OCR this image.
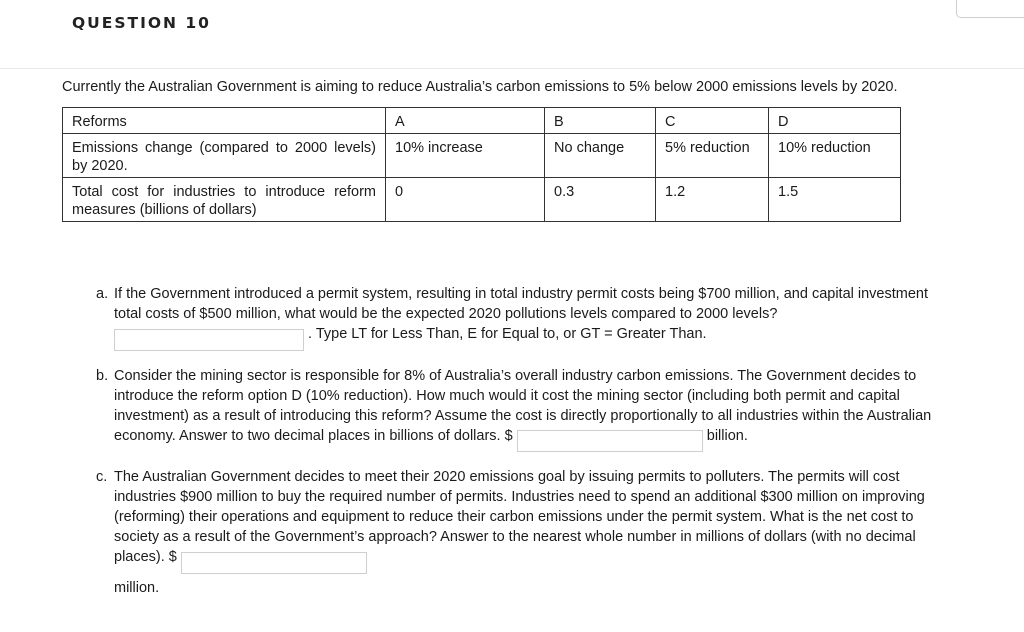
QUESTION 10

Currently the Australian Government is aiming to reduce Australia’s carbon emissions to 5% below 2000 emissions levels by 2020.

Reforms	A	B	C	D
Emissions change (compared to 2000 levels) by 2020.	10% increase	No change	5% reduction	10% reduction
Total cost for industries to introduce reform measures (billions of dollars)	0	0.3	1.2	1.5
a. If the Government introduced a permit system, resulting in total industry permit costs being $700 million, and capital investment total costs of $500 million, what would be the expected 2020 pollutions levels compared to 2000 levels?  . Type LT for Less Than, E for Equal to, or GT = Greater Than.
b. Consider the mining sector is responsible for 8% of Australia’s overall industry carbon emissions. The Government decides to introduce the reform option D (10% reduction). How much would it cost the mining sector (including both permit and capital investment) as a result of introducing this reform? Assume the cost is directly proportionally to all industries within the Australian economy. Answer to two decimal places in billions of dollars. $	billion.
c. The Australian Government decides to meet their 2020 emissions goal by issuing permits to polluters. The permits will cost industries $900 million to buy the required number of permits. Industries need to spend an additional $300 million on improving (reforming) their operations and equipment to reduce their carbon emissions under the permit system. What is the net cost to society as a result of the Government’s approach? Answer to the nearest whole number in millions of dollars (with no decimal places). $
million.
